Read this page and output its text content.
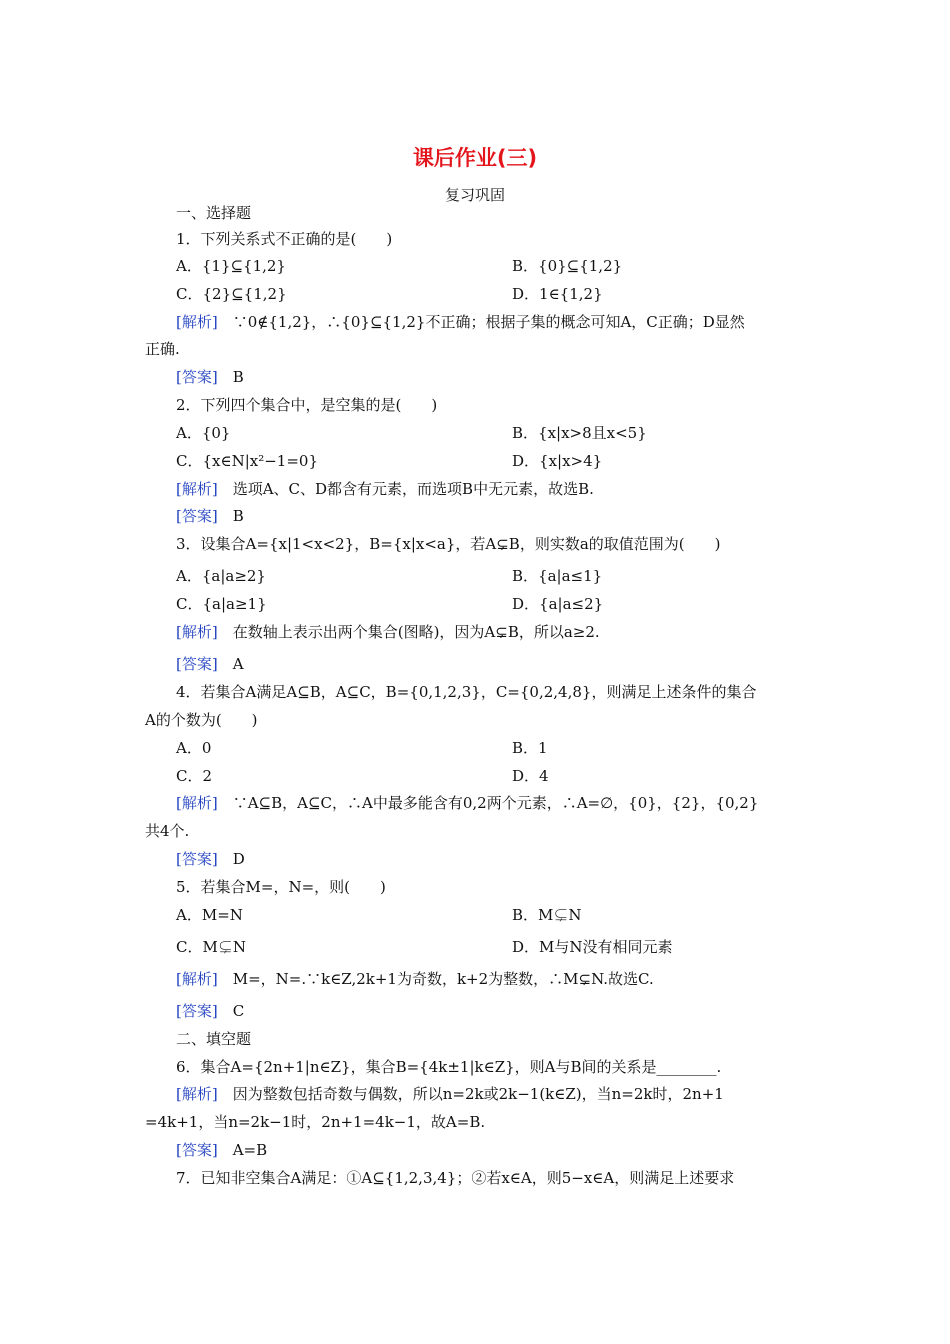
课后作业(三)
复习巩固
一、选择题
1．下列关系式不正确的是(　　)
A．{1}⊆{1,2}	B．{0}⊆{1,2}
C．{2}⊆{1,2}	D．1∈{1,2}
[解析]　∵0∉{1,2}，∴{0}⊆{1,2}不正确；根据子集的概念可知A，C正确；D显然
正确.
[答案]　B
2．下列四个集合中，是空集的是(　　)
A．{0}	B．{x|x>8且x<5}
C．{x∈N|x²−1=0}	D．{x|x>4}
[解析]　选项A、C、D都含有元素，而选项B中无元素，故选B.
[答案]　B
3．设集合A={x|1<x<2}，B={x|x<a}，若A⊊B，则实数a的取值范围为(　　)
A．{a|a≥2}	B．{a|a≤1}
C．{a|a≥1}	D．{a|a≤2}
[解析]　在数轴上表示出两个集合(图略)，因为A⊊B，所以a≥2.
[答案]　A
4．若集合A满足A⊆B，A⊆C，B={0,1,2,3}，C={0,2,4,8}，则满足上述条件的集合
A的个数为(　　)
A．0	B．1
C．2	D．4
[解析]　∵A⊆B，A⊆C，∴A中最多能含有0,2两个元素，∴A=∅，{0}，{2}，{0,2}
共4个.
[答案]　D
5．若集合M=，N=，则(　　)
A．M=N	B．M⊊N
C．M⊊N	D．M与N没有相同元素
[解析]　M=，N=.∵k∈Z,2k+1为奇数，k+2为整数，∴M⊊N.故选C.
[答案]　C
二、填空题
6．集合A={2n+1|n∈Z}，集合B={4k±1|k∈Z}，则A与B间的关系是________.
[解析]　因为整数包括奇数与偶数，所以n=2k或2k−1(k∈Z)，当n=2k时，2n+1
=4k+1，当n=2k−1时，2n+1=4k−1，故A=B.
[答案]　A=B
7．已知非空集合A满足：①A⊆{1,2,3,4}；②若x∈A，则5−x∈A，则满足上述要求
